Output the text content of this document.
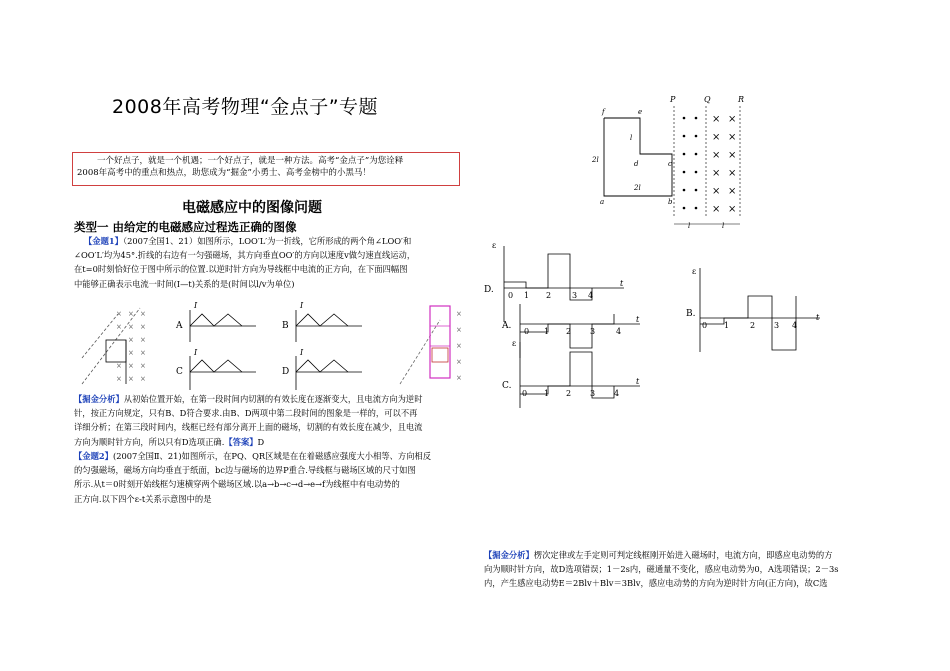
2008年高考物理“金点子”专题
一个好点子，就是一个机遇；一个好点子，就是一种方法。高考“金点子”为您诠释
2008年高考中的重点和热点，助您成为“掘金”小勇士、高考金榜中的小黑马！
电磁感应中的图像问题
类型一 由给定的电磁感应过程选正确的图像
【金题1】（2007全国1、21）如图所示，LOO′L′为一折线，它所形成的两个角∠LOO′和
∠OO′L′均为45°.折线的右边有一匀强磁场，其方向垂直OO′的方向以速度v做匀速直线运动，
在t=0时刻恰好位于图中所示的位置.以逆时针方向为导线框中电流的正方向，在下面四幅图
中能够正确表示电流一时间(I—t)关系的是(时间以l/v为单位)
× × ×
× × ×
× ×
× ×
× × ×
× × ×
A
I
B
I
C
I
D
I
×
×
×
×
×
【掘金分析】从初始位置开始，在第一段时间内切割的有效长度在逐渐变大，且电流方向为逆时
针，按正方向规定，只有B、D符合要求.由B、D两项中第二段时间的图象是一样的，可以不再
详细分析；在第三段时间内，线框已经有部分离开上面的磁场，切割的有效长度在减少，且电流
方向为顺时针方向，所以只有D选项正确.【答案】D
【金题2】(2007全国Ⅱ、21)如图所示，在PQ、QR区域是在在着磁感应强度大小相等、方向相反
的匀强磁场，磁场方向均垂直于纸面，bc边与磁场的边界P重合.导线框与磁场区域的尺寸如图
所示.从t＝0时刻开始线框匀速横穿两个磁场区域.以a→b→c→d→e→f为线框中有电动势的
正方向.以下四个ε-t关系示意图中的是
P	Q	R
f	e
l
d	c
2l
2l
a	b
× ×
× ×
× ×
× ×
× ×
× ×
l	l
ε
t
D.
0 1 2	3 4
A.
t
0 1 2 3	4
ε
C.	t
0 1 2 3 4
ε
B.	t
0 1	2 3 4
【掘金分析】楞次定律或左手定则可判定线框刚开始进入磁场时，电流方向，即感应电动势的方
向为顺时针方向，故D选项错误；1－2s内，磁通量不变化，感应电动势为0，A选项错误；2－3s
内，产生感应电动势E＝2Blv＋Blv＝3Blv，感应电动势的方向为逆时针方向(正方向)，故C选
